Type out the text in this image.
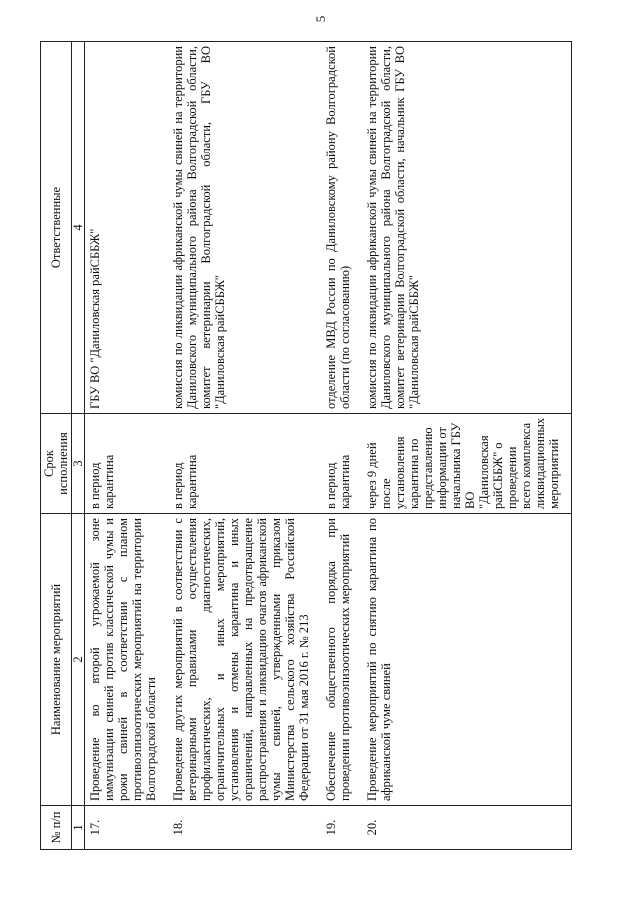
5
№ п/п	Наименование мероприятий	Срок исполнения	Ответственные
1	2	3	4
17.	Проведение во второй угрожаемой зоне иммунизации свиней против классической чумы и рожи свиней в соответствии с планом противоэпизоотических мероприятий на территории Волгоградской области	в период карантина	ГБУ ВО "Даниловская райСББЖ"
18.	Проведение других мероприятий в соответствии с ветеринарными правилами осуществления профилактических, диагностических, ограничительных и иных мероприятий, установления и отмены карантина и иных ограничений, направленных на предотвращение распространения и ликвидацию очагов африканской чумы свиней, утвержденными приказом Министерства сельского хозяйства Российской Федерации от 31 мая 2016 г. № 213	в период карантина	комиссия по ликвидации африканской чумы свиней на территории Даниловского муниципального района Волгоградской области, комитет ветеринарии Волгоградской области, ГБУ ВО "Даниловская райСББЖ"
19.	Обеспечение общественного порядка при проведении противоэпизоотических мероприятий	в период карантина	отделение МВД России по Даниловскому району Волгоградской области (по согласованию)
20.	Проведение мероприятий по снятию карантина по африканской чуме свиней	через 9 дней после установления карантина по представлению информации от начальника ГБУ ВО "Даниловская райСББЖ" о проведении всего комплекса ликвидационных мероприятий	комиссия по ликвидации африканской чумы свиней на территории Даниловского муниципального района Волгоградской области, комитет ветеринарии Волгоградской области, начальник ГБУ ВО "Даниловская райСББЖ"
